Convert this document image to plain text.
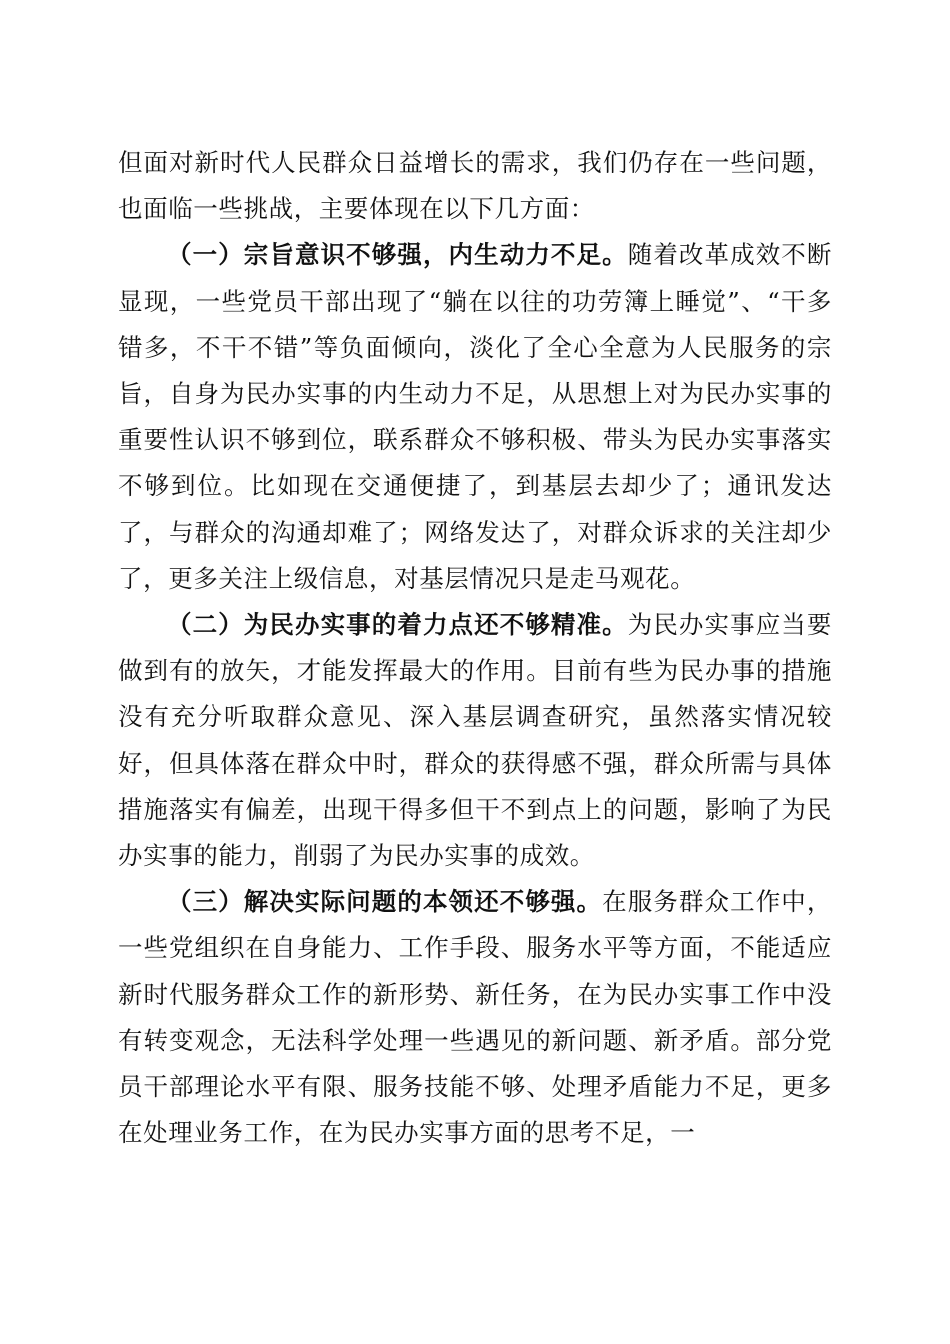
但面对新时代人民群众日益增长的需求，我们仍存在一些问题，也面临一些挑战，主要体现在以下几方面：

（一）宗旨意识不够强，内生动力不足。随着改革成效不断显现，一些党员干部出现了“躺在以往的功劳簿上睡觉”、“干多错多，不干不错”等负面倾向，淡化了全心全意为人民服务的宗旨，自身为民办实事的内生动力不足，从思想上对为民办实事的重要性认识不够到位，联系群众不够积极、带头为民办实事落实不够到位。比如现在交通便捷了，到基层去却少了；通讯发达了，与群众的沟通却难了；网络发达了，对群众诉求的关注却少了，更多关注上级信息，对基层情况只是走马观花。

（二）为民办实事的着力点还不够精准。为民办实事应当要做到有的放矢，才能发挥最大的作用。目前有些为民办事的措施没有充分听取群众意见、深入基层调查研究，虽然落实情况较好，但具体落在群众中时，群众的获得感不强，群众所需与具体措施落实有偏差，出现干得多但干不到点上的问题，影响了为民办实事的能力，削弱了为民办实事的成效。

（三）解决实际问题的本领还不够强。在服务群众工作中，一些党组织在自身能力、工作手段、服务水平等方面，不能适应新时代服务群众工作的新形势、新任务，在为民办实事工作中没有转变观念，无法科学处理一些遇见的新问题、新矛盾。部分党员干部理论水平有限、服务技能不够、处理矛盾能力不足，更多在处理业务工作，在为民办实事方面的思考不足，一
